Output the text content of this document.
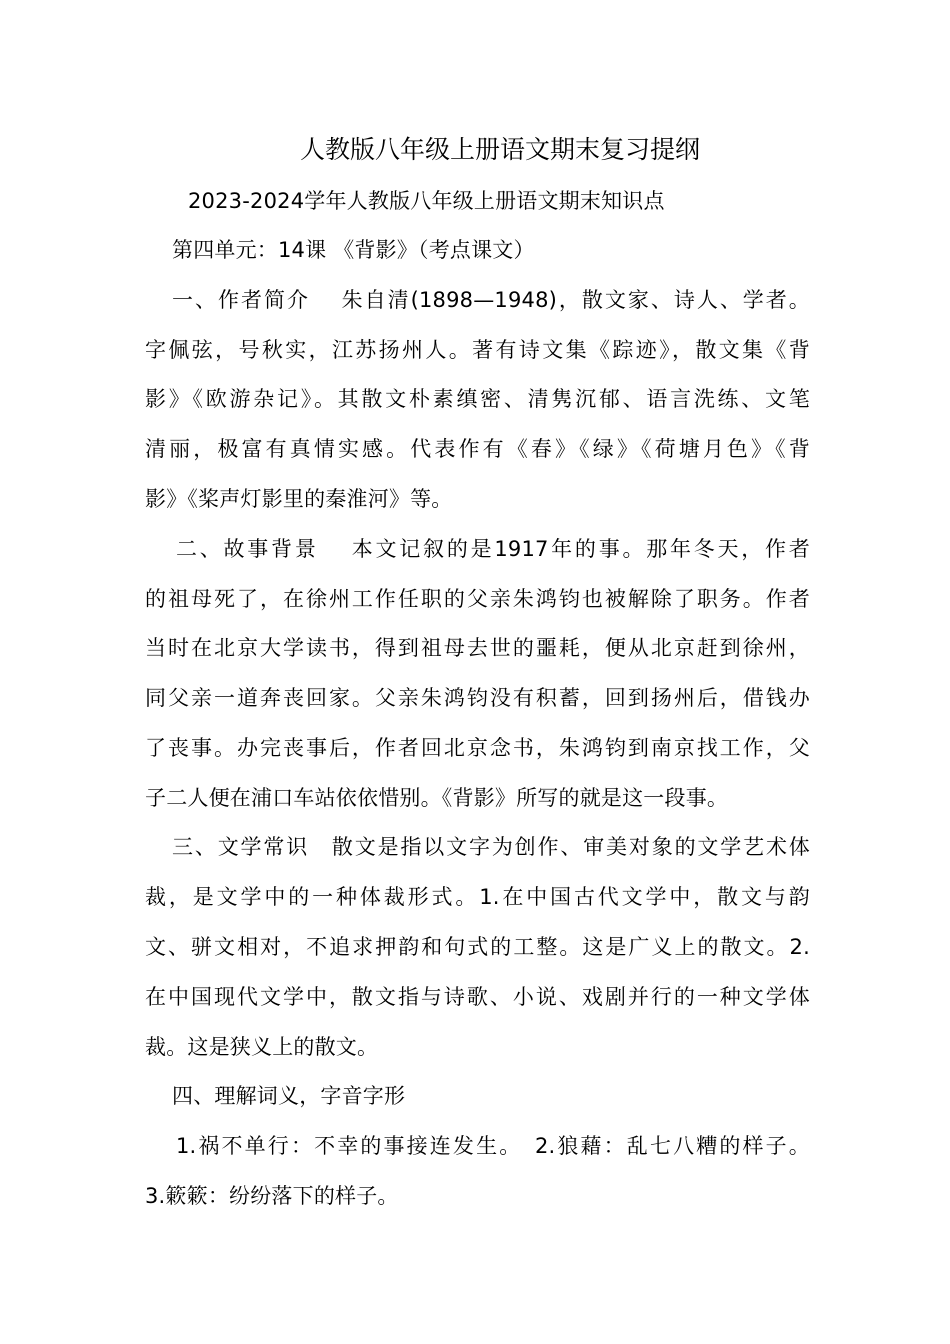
人教版八年级上册语文期末复习提纲
2023-2024学年人教版八年级上册语文期末知识点
第四单元：14课 《背影》（考点课文）
一、作者简介　 朱自清(1898—1948)，散文家、诗人、学者。
字佩弦，号秋实，江苏扬州人。著有诗文集《踪迹》，散文集《背
影》《欧游杂记》。其散文朴素缜密、清隽沉郁、语言洗练、文笔
清丽，极富有真情实感。代表作有《春》《绿》《荷塘月色》《背
影》《桨声灯影里的秦淮河》等。
二、故事背景　 本文记叙的是1917年的事。那年冬天，作者
的祖母死了，在徐州工作任职的父亲朱鸿钧也被解除了职务。作者
当时在北京大学读书，得到祖母去世的噩耗，便从北京赶到徐州，
同父亲一道奔丧回家。父亲朱鸿钧没有积蓄，回到扬州后，借钱办
了丧事。办完丧事后，作者回北京念书，朱鸿钧到南京找工作，父
子二人便在浦口车站依依惜别。《背影》所写的就是这一段事。
三、文学常识　散文是指以文字为创作、审美对象的文学艺术体
裁，是文学中的一种体裁形式。1.在中国古代文学中，散文与韵
文、骈文相对，不追求押韵和句式的工整。这是广义上的散文。2.
在中国现代文学中，散文指与诗歌、小说、戏剧并行的一种文学体
裁。这是狭义上的散文。
四、理解词义，字音字形
1.祸不单行：不幸的事接连发生。　2.狼藉：乱七八糟的样子。
3.簌簌：纷纷落下的样子。
